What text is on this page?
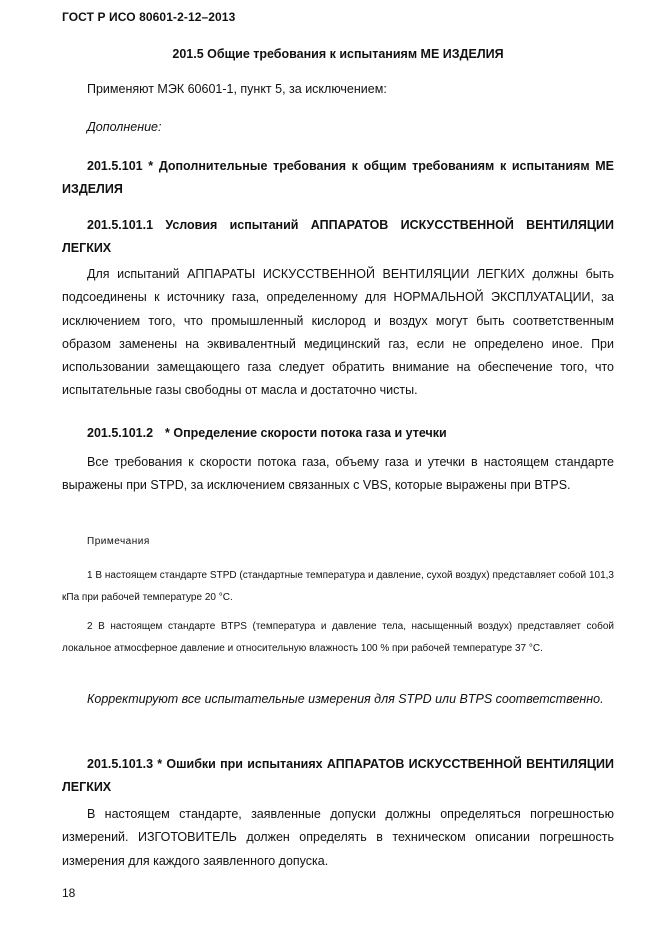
ГОСТ Р ИСО 80601-2-12–2013
201.5 Общие требования к испытаниям МЕ ИЗДЕЛИЯ
Применяют МЭК 60601-1, пункт 5, за исключением:
Дополнение:
201.5.101 * Дополнительные требования к общим требованиям к испытаниям МЕ ИЗДЕЛИЯ
201.5.101.1 Условия испытаний АППАРАТОВ ИСКУССТВЕННОЙ ВЕНТИЛЯЦИИ ЛЕГКИХ
Для испытаний АППАРАТЫ ИСКУССТВЕННОЙ ВЕНТИЛЯЦИИ ЛЕГКИХ должны быть подсоединены к источнику газа, определенному для НОРМАЛЬНОЙ ЭКСПЛУАТАЦИИ, за исключением того, что промышленный кислород и воздух могут быть соответственным образом заменены на эквивалентный медицинский газ, если не определено иное. При использовании замещающего газа следует обратить внимание на обеспечение того, что испытательные газы свободны от масла и достаточно чисты.
201.5.101.2 * Определение скорости потока газа и утечки
Все требования к скорости потока газа, объему газа и утечки в настоящем стандарте выражены при STPD, за исключением связанных с VBS, которые выражены при BTPS.
Примечания
1 В настоящем стандарте STPD (стандартные температура и давление, сухой воздух) представляет собой 101,3 кПа при рабочей температуре 20 °С.
2 В настоящем стандарте BTPS (температура и давление тела, насыщенный воздух) представляет собой локальное атмосферное давление и относительную влажность 100 % при рабочей температуре 37 °С.
Корректируют все испытательные измерения для STPD или BTPS соответственно.
201.5.101.3 * Ошибки при испытаниях АППАРАТОВ ИСКУССТВЕННОЙ ВЕНТИЛЯЦИИ ЛЕГКИХ
В настоящем стандарте, заявленные допуски должны определяться погрешностью измерений. ИЗГОТОВИТЕЛЬ должен определять в техническом описании погрешность измерения для каждого заявленного допуска.
18
